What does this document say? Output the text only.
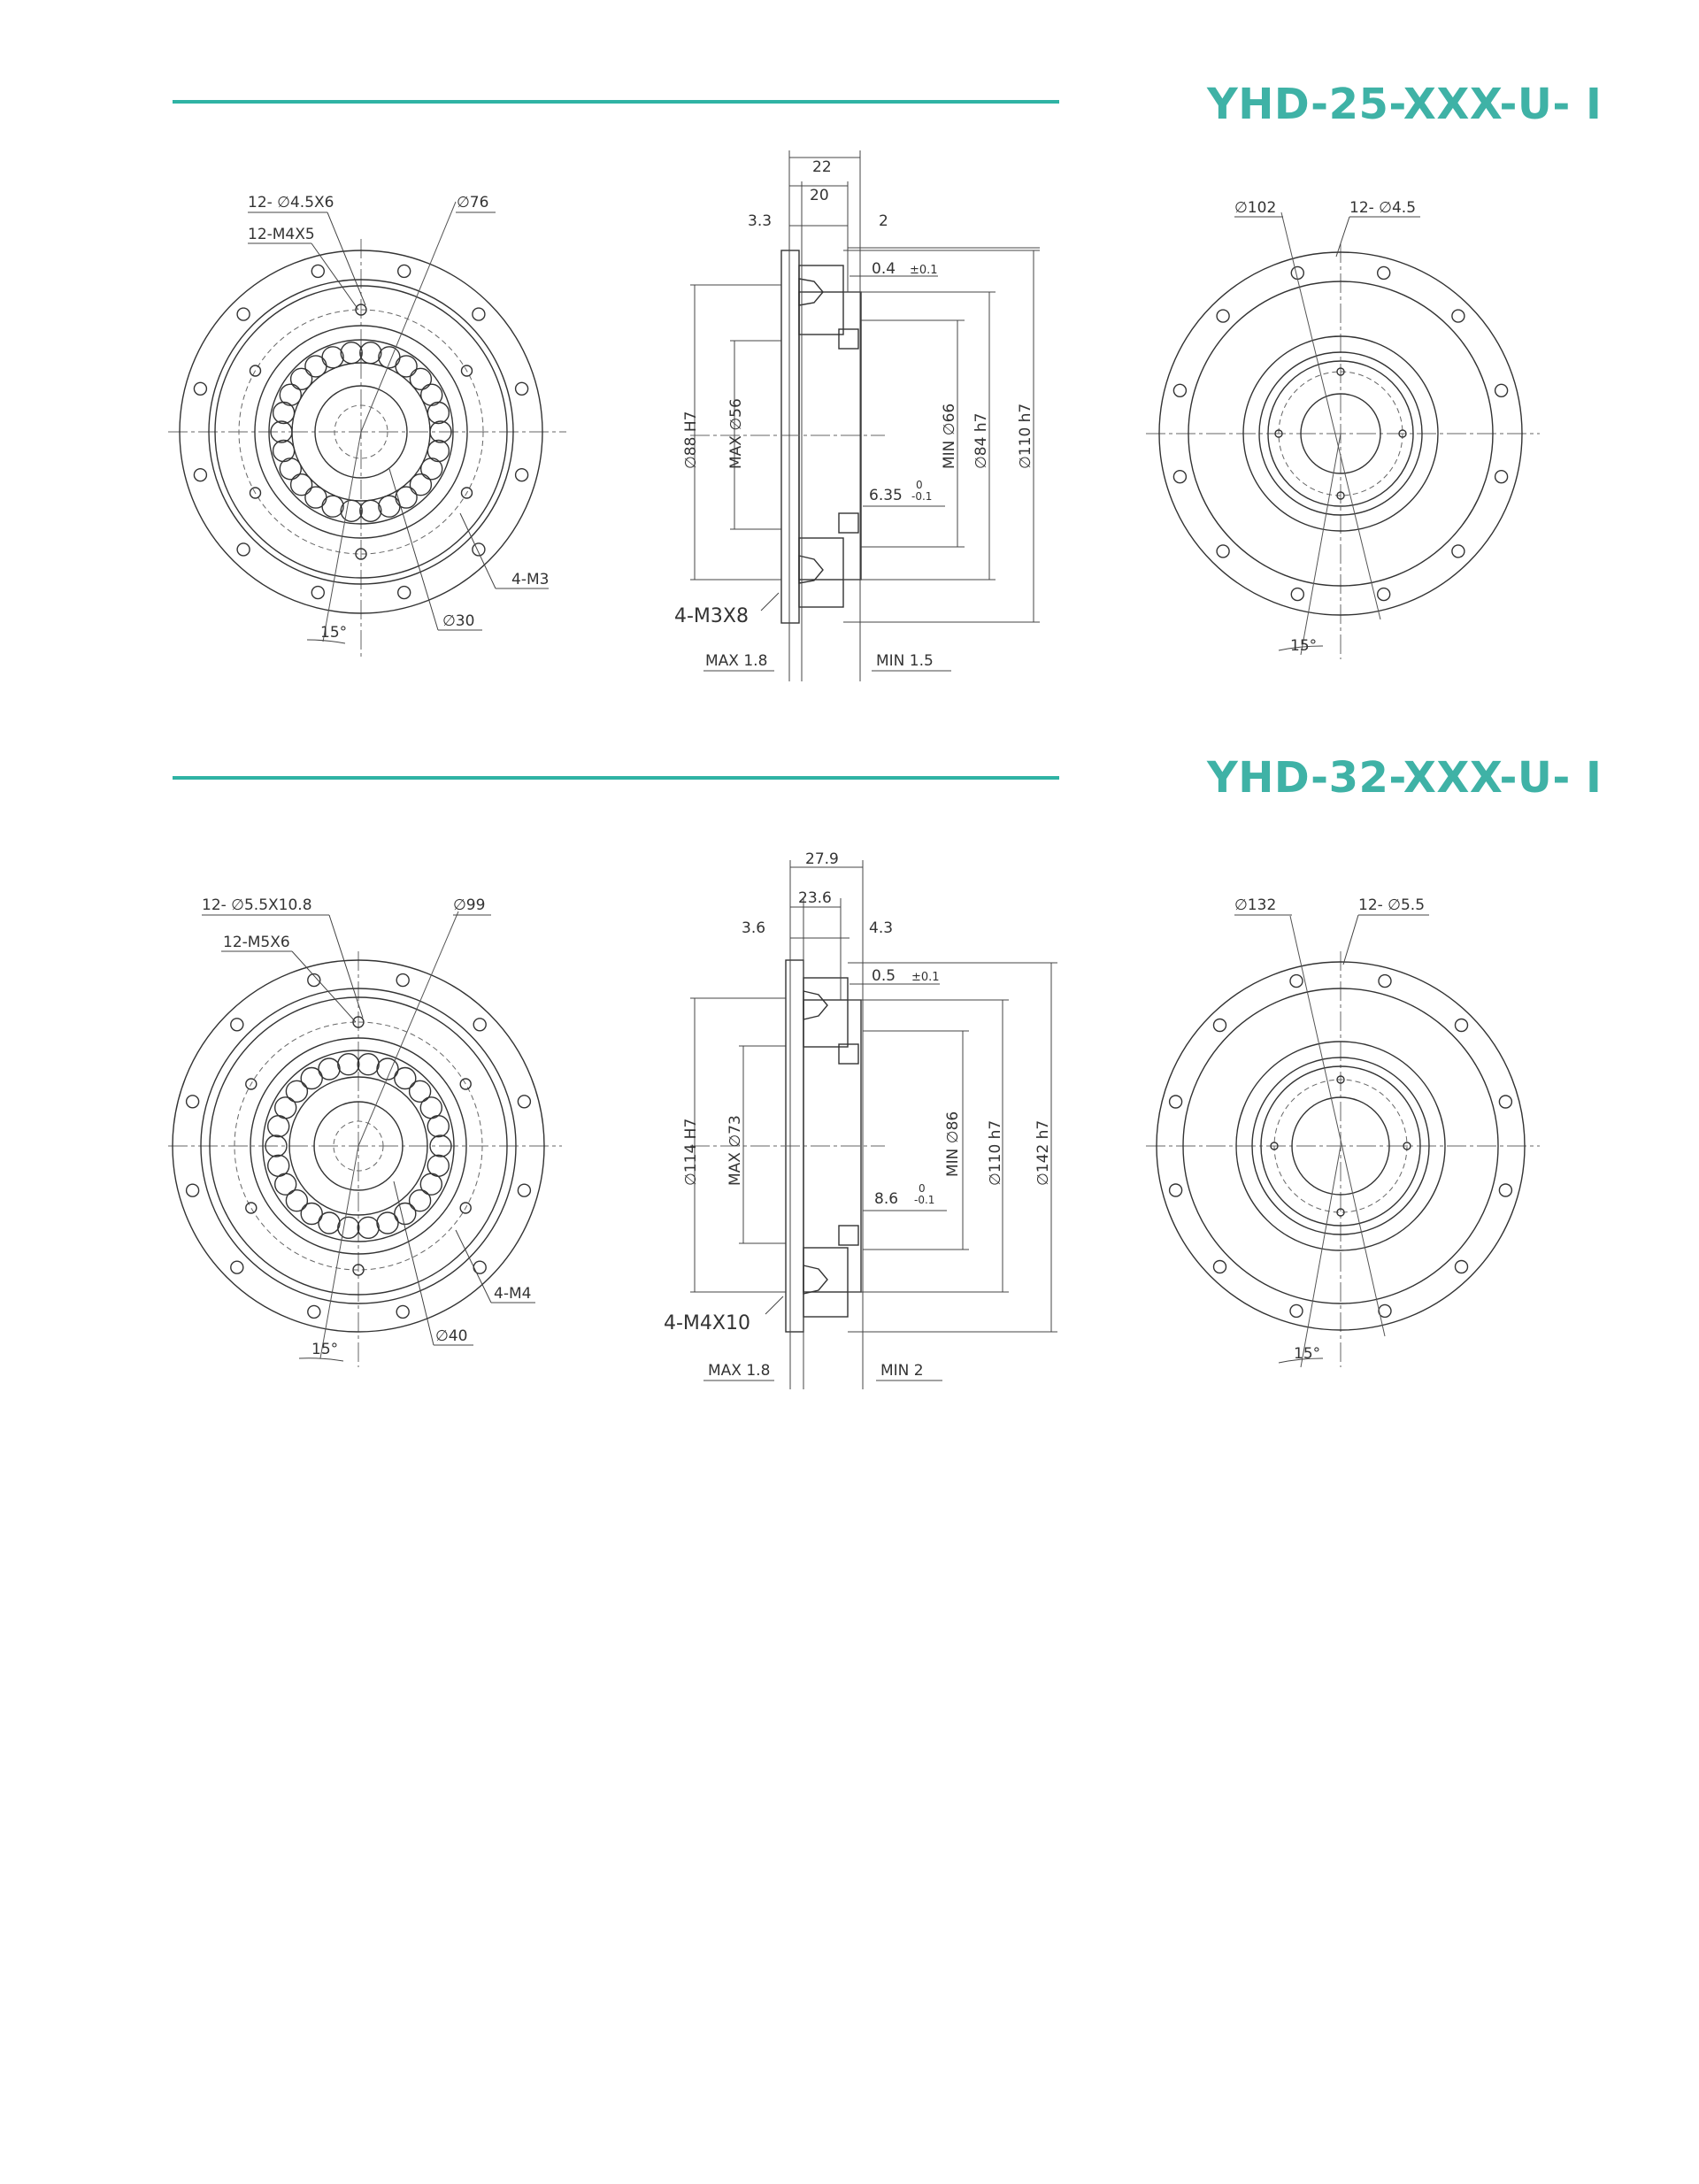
YHD-25-XXX-U- I
YHD-32-XXX-U- I
12- ∅4.5X6
12-M4X5
∅76
4-M3
∅30
15°
22
20
3.3	2
0.4 ±0.1
∅88 H7 MAX ∅56	MIN ∅66 ∅84 h7 ∅110 h7
6.35
0
-0.1
4-M3X8
MAX 1.8	MIN 1.5
∅102	12- ∅4.5
15°
12- ∅5.5X10.8
12-M5X6
∅99
4-M4
∅40
15°
27.9
23.6
3.6	4.3
0.5 ±0.1
∅114 H7 MAX ∅73	MIN ∅86 ∅110 h7 ∅142 h7
8.6
0
-0.1
4-M4X10
MAX 1.8	MIN 2
∅132	12- ∅5.5
15°
